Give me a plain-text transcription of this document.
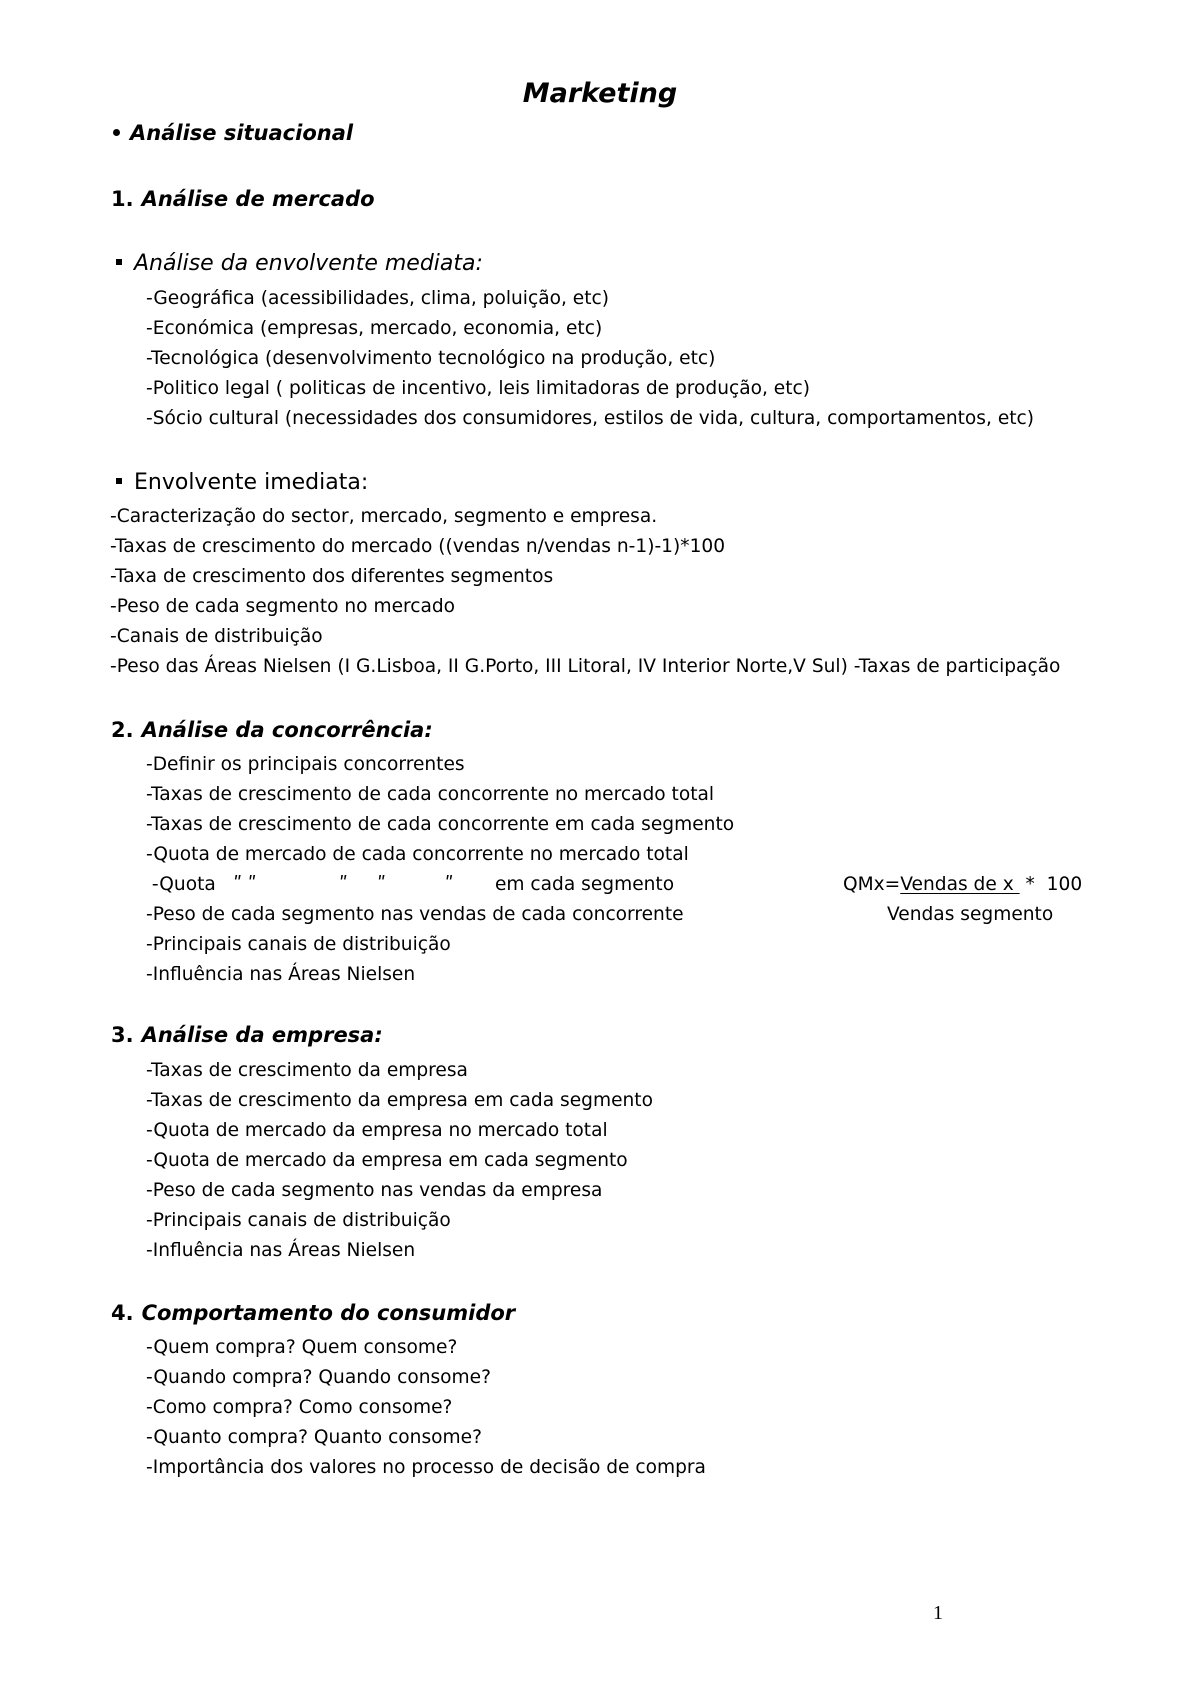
Marketing
Análise situacional
1. Análise de mercado
Análise da envolvente mediata:
-Geográfica (acessibilidades, clima, poluição, etc)
-Económica (empresas, mercado, economia, etc)
-Tecnológica (desenvolvimento tecnológico na produção, etc)
-Politico legal ( politicas de incentivo, leis limitadoras de produção, etc)
-Sócio cultural (necessidades dos consumidores, estilos de vida, cultura, comportamentos, etc)
Envolvente imediata:
-Caracterização do sector, mercado, segmento e empresa.
-Taxas de crescimento do mercado ((vendas n/vendas n-1)-1)*100
-Taxa de crescimento dos diferentes segmentos
-Peso de cada segmento no mercado
-Canais de distribuição
-Peso das Áreas Nielsen (I G.Lisboa, II G.Porto, III Litoral, IV Interior Norte,V Sul) -Taxas de participação
2. Análise da concorrência:
-Definir os principais concorrentes
-Taxas de crescimento de cada concorrente no mercado total
-Taxas de crescimento de cada concorrente em cada segmento
-Quota de mercado de cada concorrente no mercado total
-Quota   ʺ ʺ              ʺ     ʺ          ʺ       em cada segmento	QMx=Vendas de x  *  100
Vendas segmento
-Peso de cada segmento nas vendas de cada concorrente
-Principais canais de distribuição
-Influência nas Áreas Nielsen
3. Análise da empresa:
-Taxas de crescimento da empresa
-Taxas de crescimento da empresa em cada segmento
-Quota de mercado da empresa no mercado total
-Quota de mercado da empresa em cada segmento
-Peso de cada segmento nas vendas da empresa
-Principais canais de distribuição
-Influência nas Áreas Nielsen
4. Comportamento do consumidor
-Quem compra? Quem consome?
-Quando compra? Quando consome?
-Como compra? Como consome?
-Quanto compra? Quanto consome?
-Importância dos valores no processo de decisão de compra
1
